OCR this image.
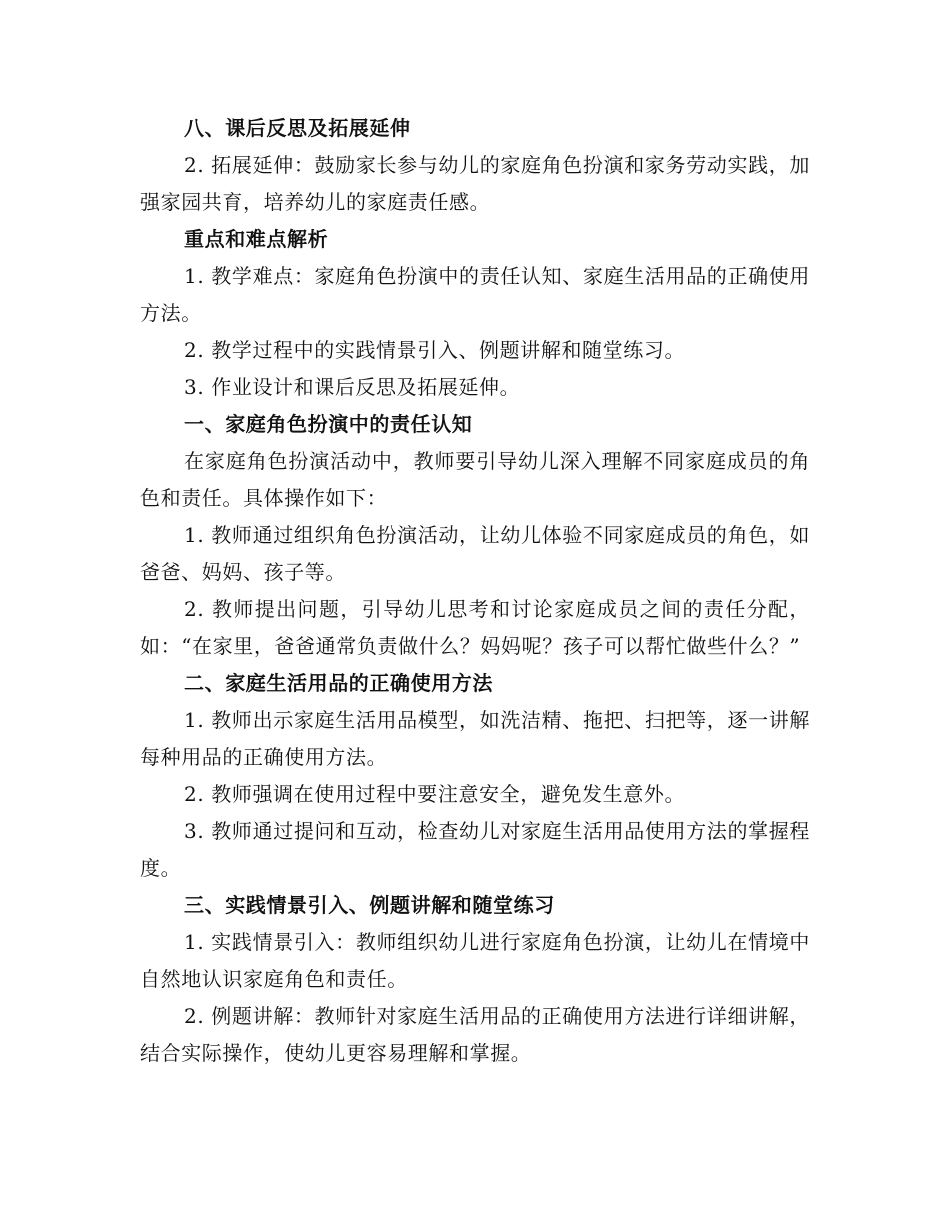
八、课后反思及拓展延伸

2. 拓展延伸：鼓励家长参与幼儿的家庭角色扮演和家务劳动实践，加强家园共育，培养幼儿的家庭责任感。

重点和难点解析

1. 教学难点：家庭角色扮演中的责任认知、家庭生活用品的正确使用方法。

2. 教学过程中的实践情景引入、例题讲解和随堂练习。

3. 作业设计和课后反思及拓展延伸。

一、家庭角色扮演中的责任认知

在家庭角色扮演活动中，教师要引导幼儿深入理解不同家庭成员的角色和责任。具体操作如下：

1. 教师通过组织角色扮演活动，让幼儿体验不同家庭成员的角色，如爸爸、妈妈、孩子等。

2. 教师提出问题，引导幼儿思考和讨论家庭成员之间的责任分配，如：“在家里，爸爸通常负责做什么？妈妈呢？孩子可以帮忙做些什么？”

二、家庭生活用品的正确使用方法

1. 教师出示家庭生活用品模型，如洗洁精、拖把、扫把等，逐一讲解每种用品的正确使用方法。

2. 教师强调在使用过程中要注意安全，避免发生意外。

3. 教师通过提问和互动，检查幼儿对家庭生活用品使用方法的掌握程度。

三、实践情景引入、例题讲解和随堂练习

1. 实践情景引入：教师组织幼儿进行家庭角色扮演，让幼儿在情境中自然地认识家庭角色和责任。

2. 例题讲解：教师针对家庭生活用品的正确使用方法进行详细讲解，结合实际操作，使幼儿更容易理解和掌握。
